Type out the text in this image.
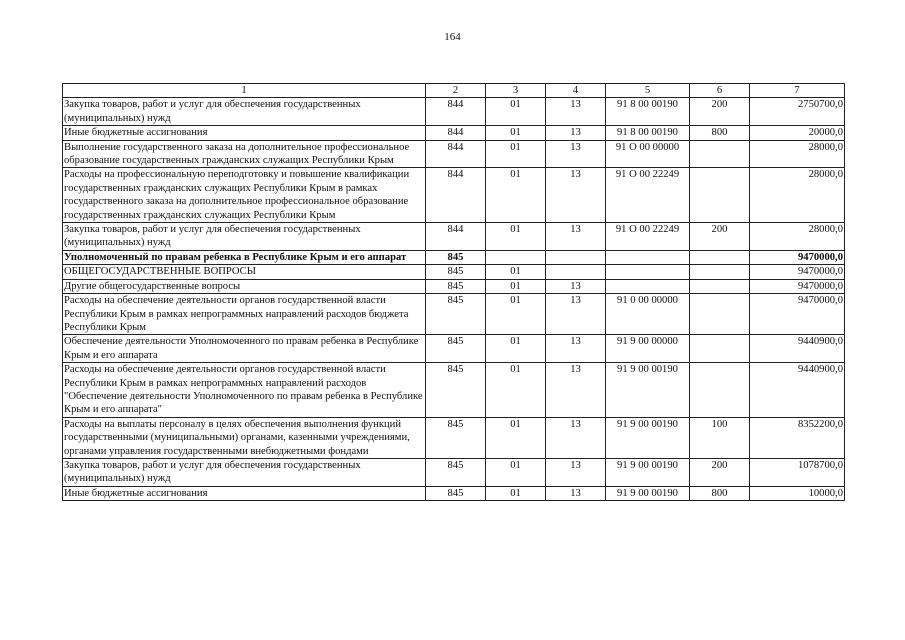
164
1	2	3	4	5	6	7
Закупка товаров, работ и услуг для обеспечения государственных (муниципальных) нужд	844	01	13	91 8 00 00190	200	2750700,0
Иные бюджетные ассигнования	844	01	13	91 8 00 00190	800	20000,0
Выполнение государственного заказа на дополнительное профессиональное образование государственных гражданских служащих Республики Крым	844	01	13	91 О 00 00000		28000,0
Расходы на профессиональную переподготовку и повышение квалификации государственных гражданских служащих Республики Крым в рамках государственного заказа на дополнительное профессиональное образование государственных гражданских служащих Республики Крым	844	01	13	91 О 00 22249		28000,0
Закупка товаров, работ и услуг для обеспечения государственных (муниципальных) нужд	844	01	13	91 О 00 22249	200	28000,0
Уполномоченный по правам ребенка в Республике Крым и его аппарат	845					9470000,0
ОБЩЕГОСУДАРСТВЕННЫЕ ВОПРОСЫ	845	01				9470000,0
Другие общегосударственные вопросы	845	01	13			9470000,0
Расходы на обеспечение деятельности органов государственной власти Республики Крым в рамках непрограммных направлений расходов бюджета Республики Крым	845	01	13	91 0 00 00000		9470000,0
Обеспечение деятельности Уполномоченного по правам ребенка в Республике Крым и его аппарата	845	01	13	91 9 00 00000		9440900,0
Расходы на обеспечение деятельности органов государственной власти Республики Крым в рамках непрограммных направлений расходов "Обеспечение деятельности Уполномоченного по правам ребенка в Республике Крым и его аппарата"	845	01	13	91 9 00 00190		9440900,0
Расходы на выплаты персоналу в целях обеспечения выполнения функций государственными (муниципальными) органами, казенными учреждениями, органами управления государственными внебюджетными фондами	845	01	13	91 9 00 00190	100	8352200,0
Закупка товаров, работ и услуг для обеспечения государственных (муниципальных) нужд	845	01	13	91 9 00 00190	200	1078700,0
Иные бюджетные ассигнования	845	01	13	91 9 00 00190	800	10000,0
